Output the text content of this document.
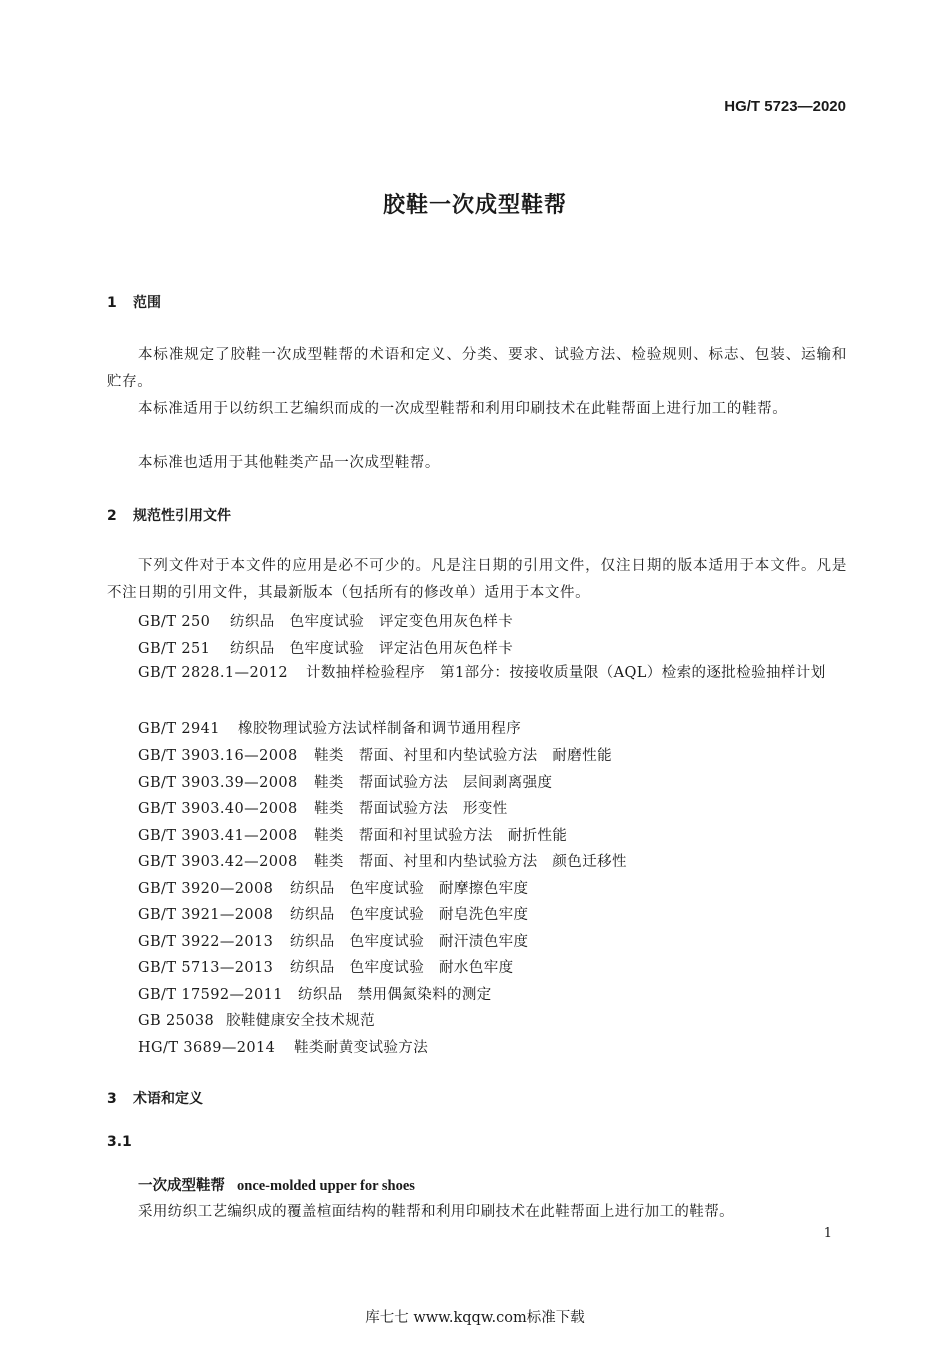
HG/T 5723—2020
胶鞋一次成型鞋帮
1 范围
本标准规定了胶鞋一次成型鞋帮的术语和定义、分类、要求、试验方法、检验规则、标志、包装、运输和贮存。
本标准适用于以纺织工艺编织而成的一次成型鞋帮和利用印刷技术在此鞋帮面上进行加工的鞋帮。
本标准也适用于其他鞋类产品一次成型鞋帮。
2 规范性引用文件
下列文件对于本文件的应用是必不可少的。凡是注日期的引用文件，仅注日期的版本适用于本文件。凡是不注日期的引用文件，其最新版本（包括所有的修改单）适用于本文件。
GB/T 250 纺织品　色牢度试验　评定变色用灰色样卡
GB/T 251 纺织品　色牢度试验　评定沾色用灰色样卡
GB/T 2828.1—2012 计数抽样检验程序　第1部分：按接收质量限（AQL）检索的逐批检验抽样计划
GB/T 2941 橡胶物理试验方法试样制备和调节通用程序
GB/T 3903.16—2008 鞋类　帮面、衬里和内垫试验方法　耐磨性能
GB/T 3903.39—2008 鞋类　帮面试验方法　层间剥离强度
GB/T 3903.40—2008 鞋类　帮面试验方法　形变性
GB/T 3903.41—2008 鞋类　帮面和衬里试验方法　耐折性能
GB/T 3903.42—2008 鞋类　帮面、衬里和内垫试验方法　颜色迁移性
GB/T 3920—2008 纺织品　色牢度试验　耐摩擦色牢度
GB/T 3921—2008 纺织品　色牢度试验　耐皂洗色牢度
GB/T 3922—2013 纺织品　色牢度试验　耐汗渍色牢度
GB/T 5713—2013 纺织品　色牢度试验　耐水色牢度
GB/T 17592—2011 纺织品　禁用偶氮染料的测定
GB 25038 胶鞋健康安全技术规范
HG/T 3689—2014 鞋类耐黄变试验方法
3 术语和定义
3.1
一次成型鞋帮 once-molded upper for shoes
采用纺织工艺编织成的覆盖楦面结构的鞋帮和利用印刷技术在此鞋帮面上进行加工的鞋帮。
1
库七七 www.kqqw.com标准下载
